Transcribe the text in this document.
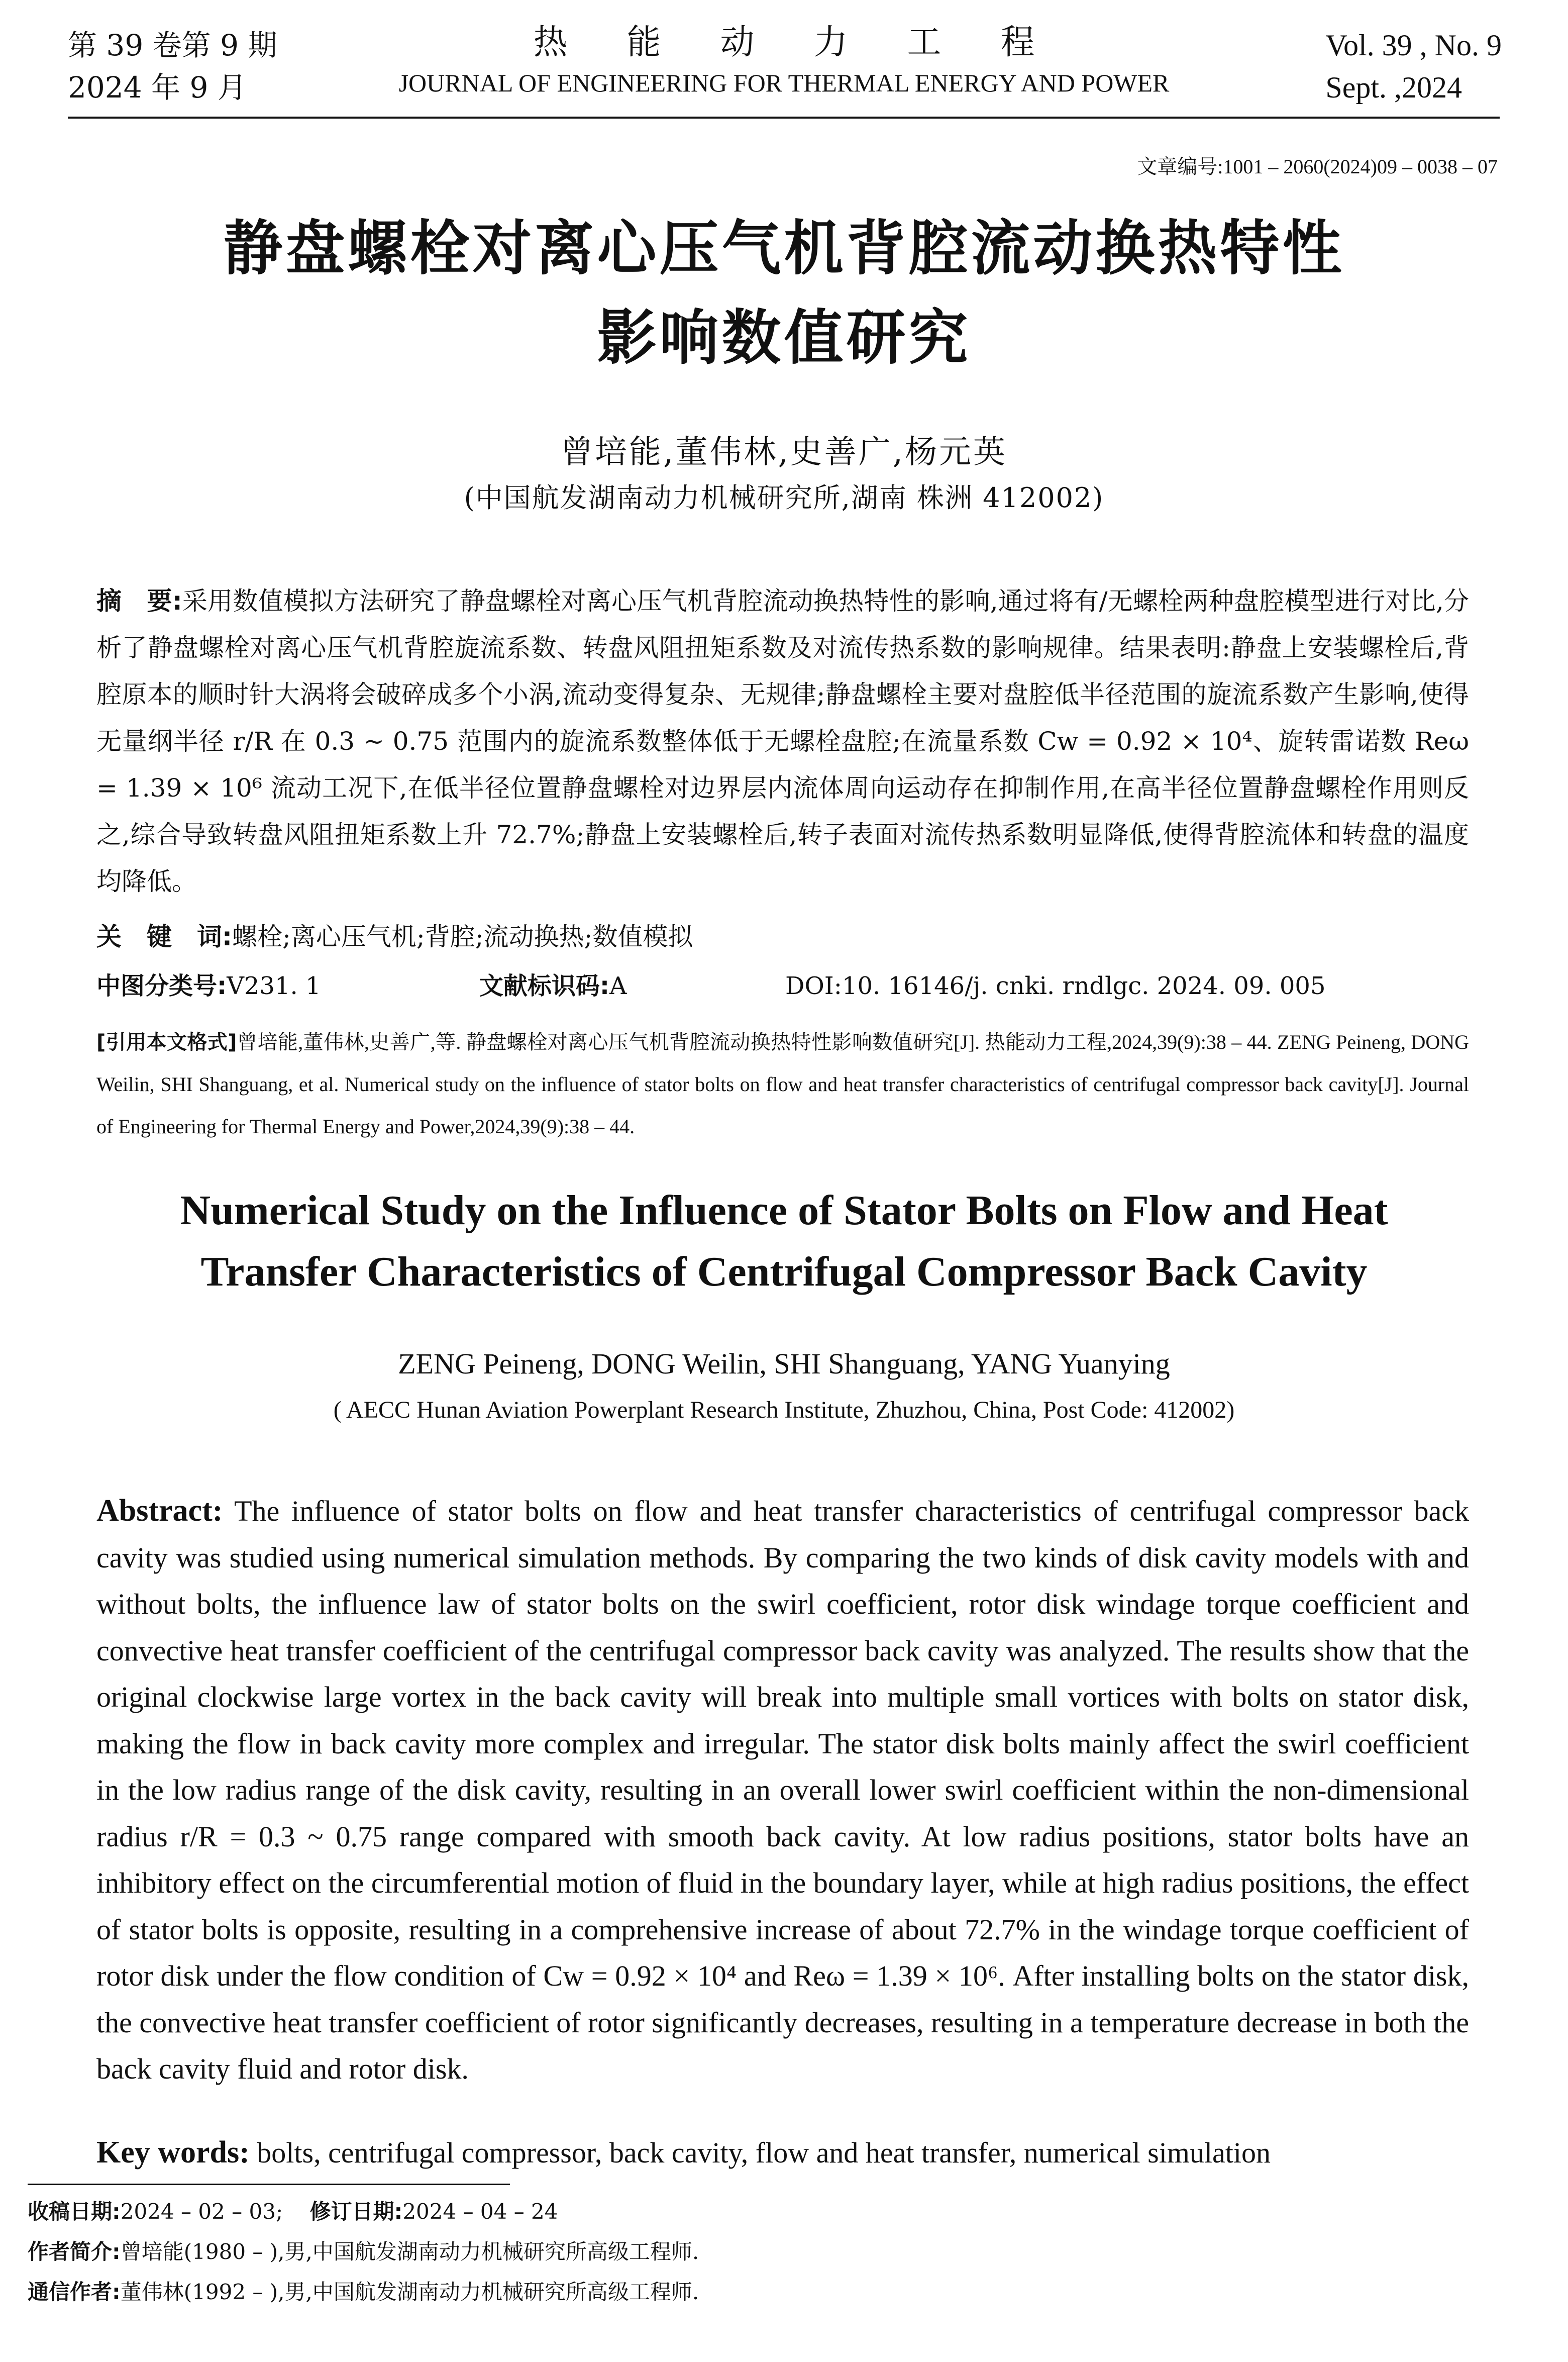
第 39 卷第 9 期
2024 年 9 月
热能动力工程
JOURNAL OF ENGINEERING FOR THERMAL ENERGY AND POWER
Vol. 39 , No. 9
Sept. ,2024
文章编号:1001 – 2060(2024)09 – 0038 – 07
静盘螺栓对离心压气机背腔流动换热特性
影响数值研究
曾培能,董伟林,史善广,杨元英
(中国航发湖南动力机械研究所,湖南 株洲 412002)
摘　要:采用数值模拟方法研究了静盘螺栓对离心压气机背腔流动换热特性的影响,通过将有/无螺栓两种盘腔模型进行对比,分析了静盘螺栓对离心压气机背腔旋流系数、转盘风阻扭矩系数及对流传热系数的影响规律。结果表明:静盘上安装螺栓后,背腔原本的顺时针大涡将会破碎成多个小涡,流动变得复杂、无规律;静盘螺栓主要对盘腔低半径范围的旋流系数产生影响,使得无量纲半径 r/R 在 0.3 ~ 0.75 范围内的旋流系数整体低于无螺栓盘腔;在流量系数 Cw = 0.92 × 10⁴、旋转雷诺数 Reω = 1.39 × 10⁶ 流动工况下,在低半径位置静盘螺栓对边界层内流体周向运动存在抑制作用,在高半径位置静盘螺栓作用则反之,综合导致转盘风阻扭矩系数上升 72.7%;静盘上安装螺栓后,转子表面对流传热系数明显降低,使得背腔流体和转盘的温度均降低。
关　键　词:螺栓;离心压气机;背腔;流动换热;数值模拟
中图分类号:V231. 1	文献标识码:A	DOI:10. 16146/j. cnki. rndlgc. 2024. 09. 005
[引用本文格式]曾培能,董伟林,史善广,等. 静盘螺栓对离心压气机背腔流动换热特性影响数值研究[J]. 热能动力工程,2024,39(9):38 – 44. ZENG Peineng, DONG Weilin, SHI Shanguang, et al. Numerical study on the influence of stator bolts on flow and heat transfer characteristics of centrifugal compressor back cavity[J]. Journal of Engineering for Thermal Energy and Power,2024,39(9):38 – 44.
Numerical Study on the Influence of Stator Bolts on Flow and Heat
Transfer Characteristics of Centrifugal Compressor Back Cavity
ZENG Peineng, DONG Weilin, SHI Shanguang, YANG Yuanying
( AECC Hunan Aviation Powerplant Research Institute, Zhuzhou, China, Post Code: 412002)
Abstract: The influence of stator bolts on flow and heat transfer characteristics of centrifugal compressor back cavity was studied using numerical simulation methods. By comparing the two kinds of disk cavity models with and without bolts, the influence law of stator bolts on the swirl coefficient, rotor disk windage torque coefficient and convective heat transfer coefficient of the centrifugal compressor back cavity was analyzed. The results show that the original clockwise large vortex in the back cavity will break into multiple small vortices with bolts on stator disk, making the flow in back cavity more complex and irregular. The stator disk bolts mainly affect the swirl coefficient in the low radius range of the disk cavity, resulting in an overall lower swirl coefficient within the non-dimensional radius r/R = 0.3 ~ 0.75 range compared with smooth back cavity. At low radius positions, stator bolts have an inhibitory effect on the circumferential motion of fluid in the boundary layer, while at high radius positions, the effect of stator bolts is opposite, resulting in a comprehensive increase of about 72.7% in the windage torque coefficient of rotor disk under the flow condition of Cw = 0.92 × 10⁴ and Reω = 1.39 × 10⁶. After installing bolts on the stator disk, the convective heat transfer coefficient of rotor significantly decreases, resulting in a temperature decrease in both the back cavity fluid and rotor disk.
Key words: bolts, centrifugal compressor, back cavity, flow and heat transfer, numerical simulation
收稿日期:2024 – 02 – 03; 修订日期:2024 – 04 – 24
作者简介:曾培能(1980 – ),男,中国航发湖南动力机械研究所高级工程师.
通信作者:董伟林(1992 – ),男,中国航发湖南动力机械研究所高级工程师.
